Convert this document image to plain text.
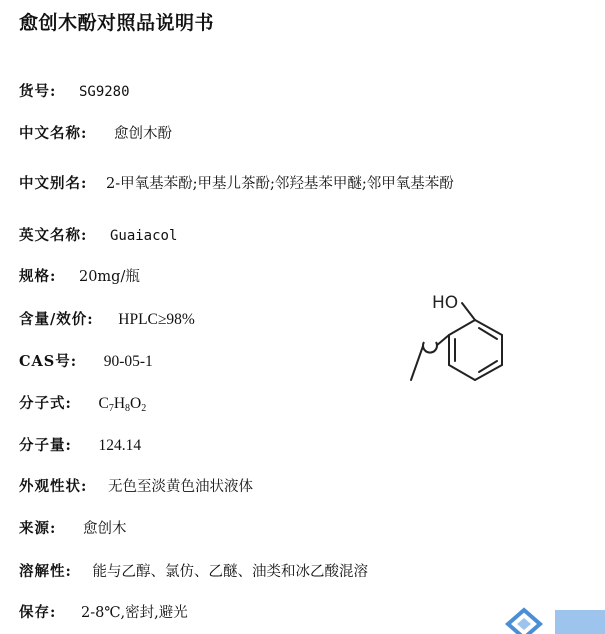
愈创木酚对照品说明书
货号: SG9280
中文名称: 愈创木酚
中文别名: 2-甲氧基苯酚;甲基儿茶酚;邻羟基苯甲醚;邻甲氧基苯酚
英文名称: Guaiacol
规格: 20mg/瓶
含量/效价: HPLC≥98%
CAS号: 90-05-1
分子式: $C_7H_8O_2$
分子量: 124.14
外观性状: 无色至淡黄色油状液体
来源: 愈创木
溶解性: 能与乙醇、氯仿、乙醚、油类和冰乙酸混溶
保存: 2-8℃,密封,避光
HO
